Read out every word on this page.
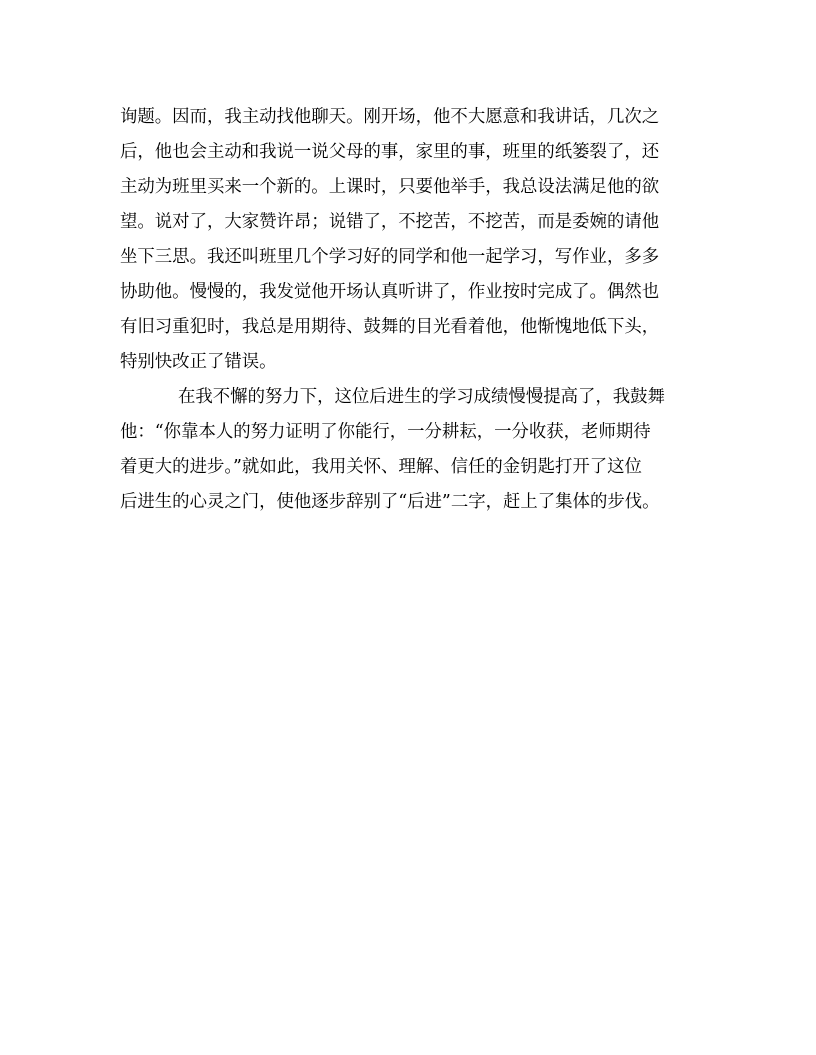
询题。因而，我主动找他聊天。刚开场，他不大愿意和我讲话，几次之
后，他也会主动和我说一说父母的事，家里的事，班里的纸篓裂了，还
主动为班里买来一个新的。上课时，只要他举手，我总设法满足他的欲
望。说对了，大家赞许昂；说错了，不挖苦，不挖苦，而是委婉的请他
坐下三思。我还叫班里几个学习好的同学和他一起学习，写作业，多多
协助他。慢慢的，我发觉他开场认真听讲了，作业按时完成了。偶然也
有旧习重犯时，我总是用期待、鼓舞的目光看着他，他惭愧地低下头，
特别快改正了错误。
在我不懈的努力下，这位后进生的学习成绩慢慢提高了，我鼓舞
他：“你靠本人的努力证明了你能行，一分耕耘，一分收获，老师期待
着更大的进步。”就如此，我用关怀、理解、信任的金钥匙打开了这位
后进生的心灵之门，使他逐步辞别了“后进”二字，赶上了集体的步伐。
